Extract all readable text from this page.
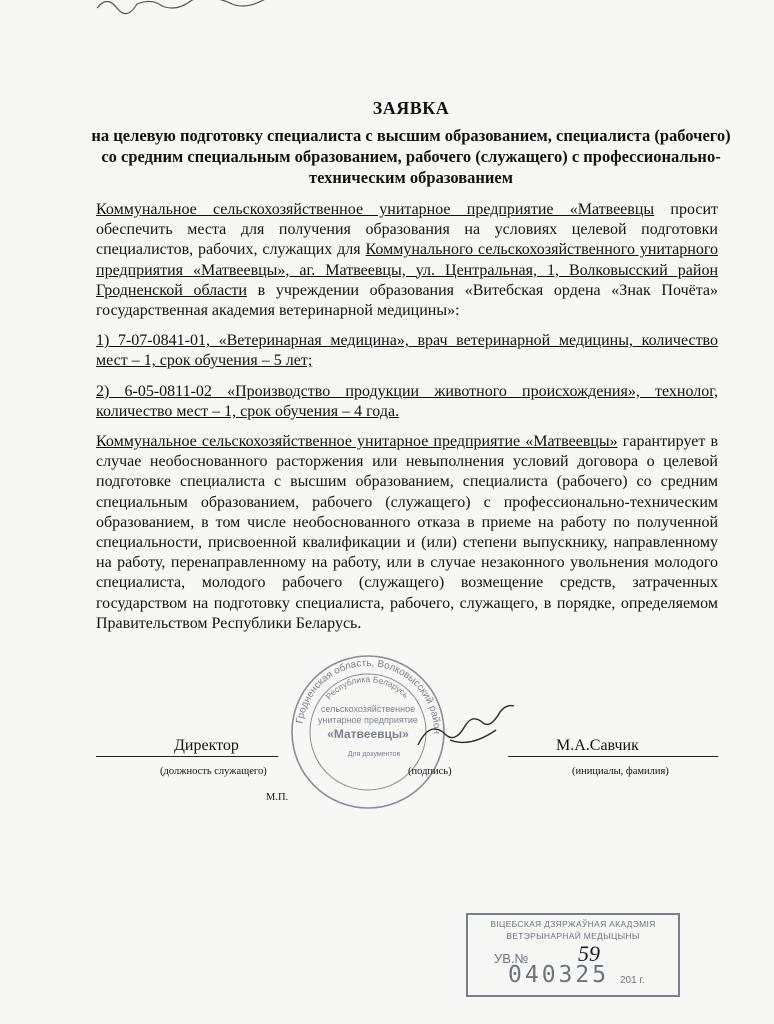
ЗАЯВКА
на целевую подготовку специалиста с высшим образованием, специалиста (рабочего) со средним специальным образованием, рабочего (служащего) с профессионально-техническим образованием

Коммунальное сельскохозяйственное унитарное предприятие «Матвеевцы просит обеспечить места для получения образования на условиях целевой подготовки специалистов, рабочих, служащих для Коммунального сельскохозяйственного унитарного предприятия «Матвеевцы», аг. Матвеевцы, ул. Центральная, 1, Волковысский район Гродненской области в учреждении образования «Витебская ордена «Знак Почёта» государственная академия ветеринарной медицины»:

1) 7-07-0841-01, «Ветеринарная медицина», врач ветеринарной медицины, количество мест – 1, срок обучения – 5 лет;

2) 6-05-0811-02 «Производство продукции животного происхождения», технолог, количество мест – 1, срок обучения – 4 года.

Коммунальное сельскохозяйственное унитарное предприятие «Матвеевцы» гарантирует в случае необоснованного расторжения или невыполнения условий договора о целевой подготовке специалиста с высшим образованием, специалиста (рабочего) со средним специальным образованием, рабочего (служащего) с профессионально-техническим образованием, в том числе необоснованного отказа в приеме на работу по полученной специальности, присвоенной квалификации и (или) степени выпускнику, направленному на работу, перенаправленному на работу, или в случае незаконного увольнения молодого специалиста, молодого рабочего (служащего) возмещение средств, затраченных государством на подготовку специалиста, рабочего, служащего, в порядке, определяемом Правительством Республики Беларусь.

Гродненская область, Волковысский район
Республика Беларусь
сельскохозяйственное
унитарное предприятие
«Матвеевцы»
Для документов
Директор	М.А.Савчик
(должность служащего)	(подпись)	(инициалы, фамилия)
М.П.
ВІЦЕБСКАЯ ДЗЯРЖАЎНАЯ АКАДЭМІЯ
ВЕТЭРЫНАРНАЙ МЕДЫЦЫНЫ
УВ.№
040325 201 г.
59
